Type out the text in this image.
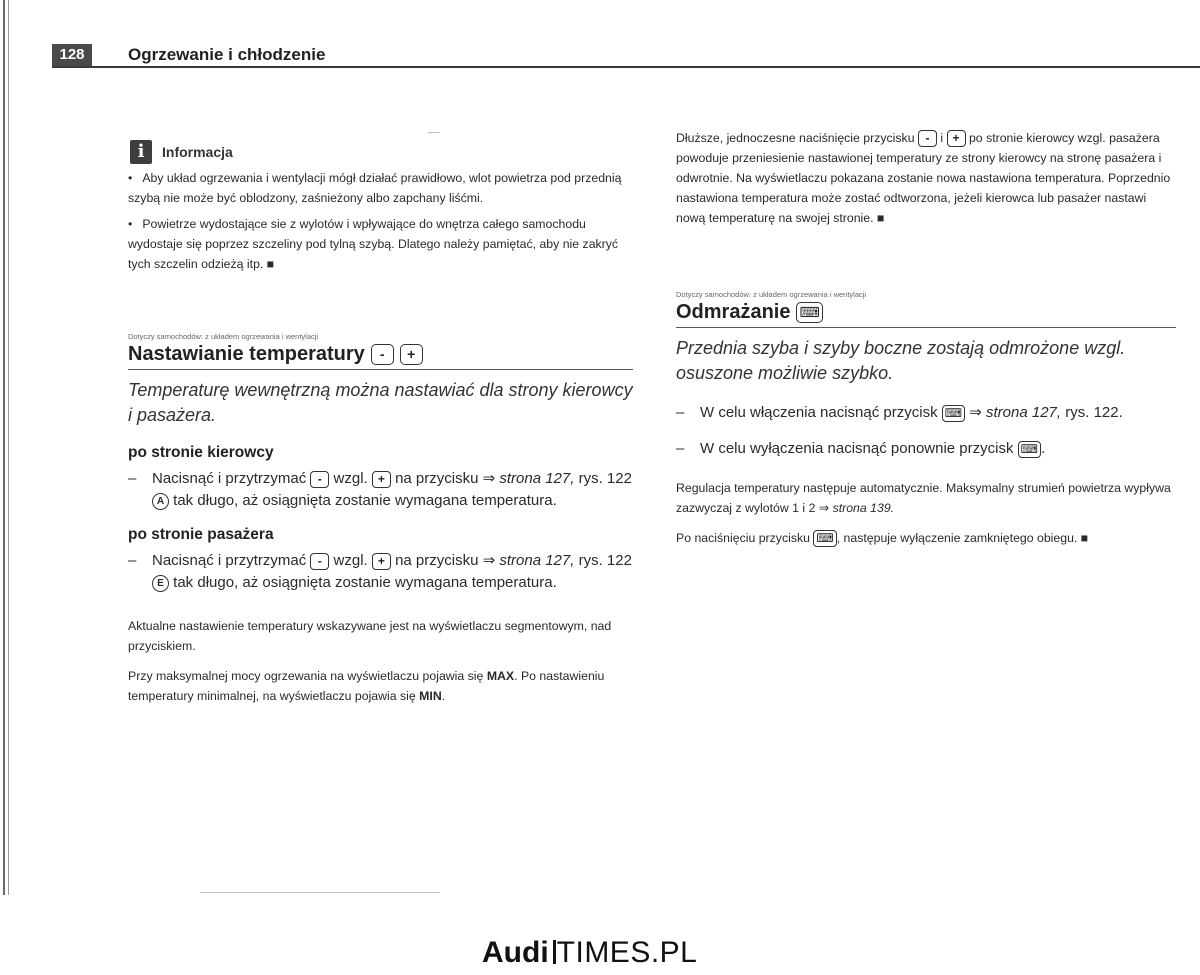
128	Ogrzewanie i chłodzenie
i	Informacja

• Aby układ ogrzewania i wentylacji mógł działać prawidłowo, wlot powietrza pod przednią szybą nie może być oblodzony, zaśnieżony albo zapchany liśćmi.

• Powietrze wydostające sie z wylotów i wpływające do wnętrza całego samochodu wydostaje się poprzez szczeliny pod tylną szybą. Dlatego należy pamiętać, aby nie zakryć tych szczelin odzieżą itp. ■

Dotyczy samochodów: z układem ogrzewania i wentylacji

Nastawianie temperatury	-	+

Temperaturę wewnętrzną można nastawiać dla strony kierowcy i pasażera.

po stronie kierowcy

–	Nacisnąć i przytrzymać - wzgl. + na przycisku ⇒ strona 127, rys. 122 A tak długo, aż osiągnięta zostanie wymagana temperatura.

po stronie pasażera

–	Nacisnąć i przytrzymać - wzgl. + na przycisku ⇒ strona 127, rys. 122 E tak długo, aż osiągnięta zostanie wymagana temperatura.

Aktualne nastawienie temperatury wskazywane jest na wyświetlaczu segmentowym, nad przyciskiem.

Przy maksymalnej mocy ogrzewania na wyświetlaczu pojawia się MAX. Po nastawieniu temperatury minimalnej, na wyświetlaczu pojawia się MIN.

Dłuższe, jednoczesne naciśnięcie przycisku - i + po stronie kierowcy wzgl. pasażera powoduje przeniesienie nastawionej temperatury ze strony kierowcy na stronę pasażera i odwrotnie. Na wyświetlaczu pokazana zostanie nowa nastawiona temperatura. Poprzednio nastawiona temperatura może zostać odtworzona, jeżeli kierowca lub pasażer nastawi nową temperaturę na swojej stronie. ■

Dotyczy samochodów: z układem ogrzewania i wentylacji

Odmrażanie ⌨

Przednia szyba i szyby boczne zostają odmrożone wzgl. osuszone możliwie szybko.

–	W celu włączenia nacisnąć przycisk ⌨ ⇒ strona 127, rys. 122.
–	W celu wyłączenia nacisnąć ponownie przycisk ⌨ .

Regulacja temperatury następuje automatycznie. Maksymalny strumień powietrza wypływa zazwyczaj z wylotów 1 i 2 ⇒ strona 139.

Po naciśnięciu przycisku ⌨ , następuje wyłączenie zamkniętego obiegu. ■

Audi TIMES.PL
